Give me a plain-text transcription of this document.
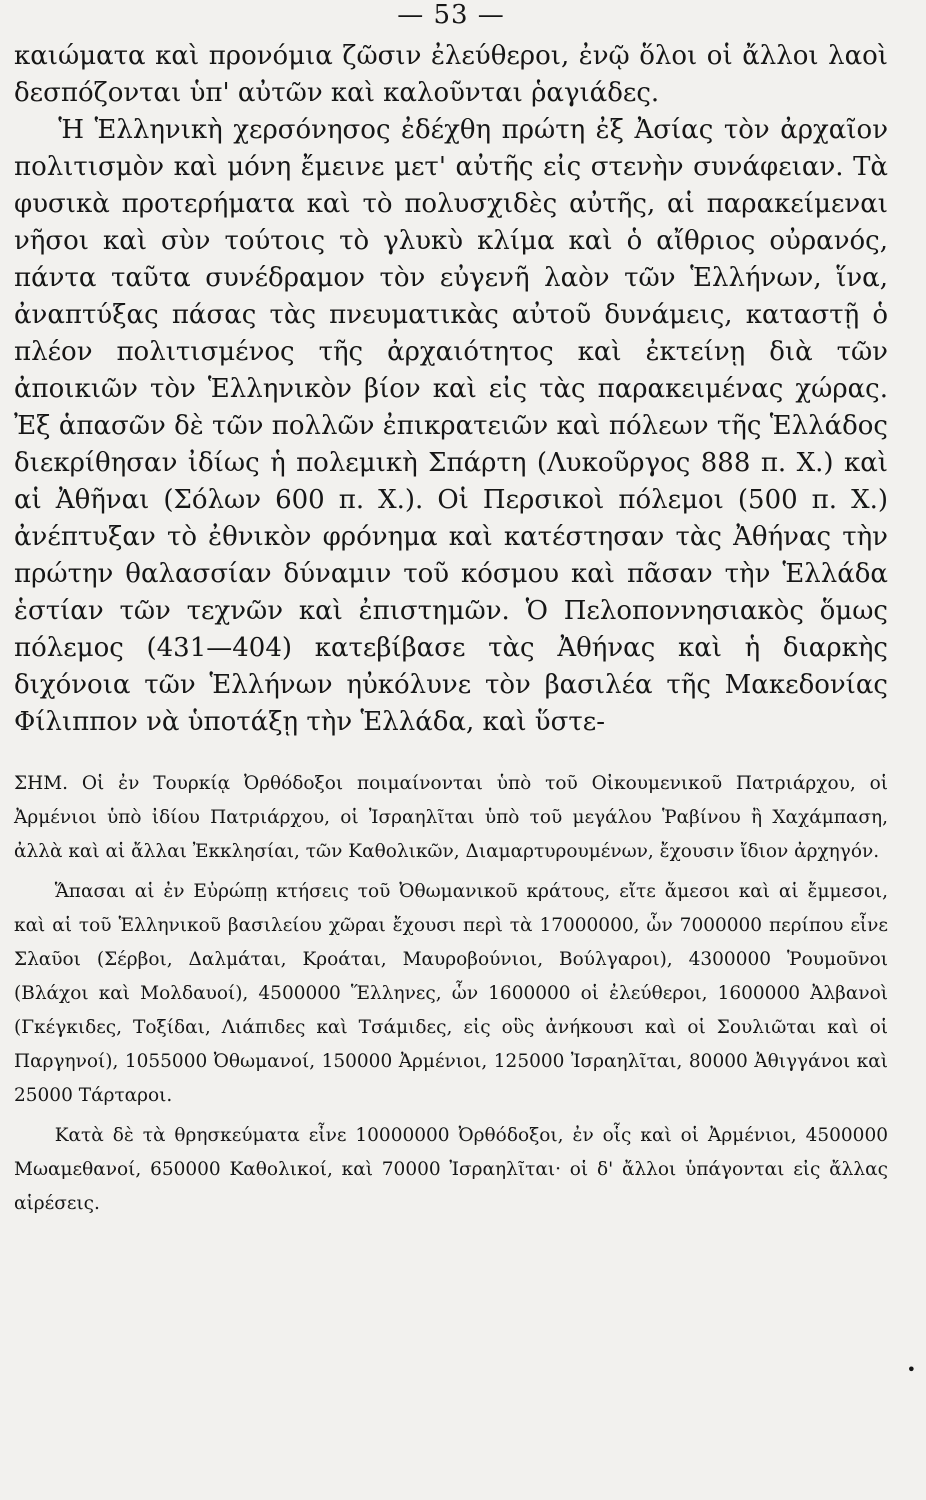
— 53 —

καιώματα καὶ προνόμια ζῶσιν ἐλεύθεροι, ἐνῷ ὅλοι οἱ ἄλλοι λαοὶ δεσπόζονται ὑπ' αὐτῶν καὶ καλοῦνται ῥαγιάδες.

Ἡ Ἑλληνικὴ χερσόνησος ἐδέχθη πρώτη ἐξ Ἀσίας τὸν ἀρχαῖον πολιτισμὸν καὶ μόνη ἔμεινε μετ' αὐτῆς εἰς στενὴν συνάφειαν. Τὰ φυσικὰ προτερήματα καὶ τὸ πολυσχιδὲς αὐτῆς, αἱ παρακείμεναι νῆσοι καὶ σὺν τούτοις τὸ γλυκὺ κλίμα καὶ ὁ αἴθριος οὐρανός, πάντα ταῦτα συνέδραμον τὸν εὐγενῆ λαὸν τῶν Ἑλλήνων, ἵνα, ἀναπτύξας πάσας τὰς πνευματικὰς αὐτοῦ δυνάμεις, καταστῇ ὁ πλέον πολιτισμένος τῆς ἀρχαιότητος καὶ ἐκτείνῃ διὰ τῶν ἀποικιῶν τὸν Ἑλληνικὸν βίον καὶ εἰς τὰς παρακειμένας χώρας. Ἐξ ἁπασῶν δὲ τῶν πολλῶν ἐπικρατειῶν καὶ πόλεων τῆς Ἑλλάδος διεκρίθησαν ἰδίως ἡ πολεμικὴ Σπάρτη (Λυκοῦργος 888 π. Χ.) καὶ αἱ Ἀθῆναι (Σόλων 600 π. Χ.). Οἱ Περσικοὶ πόλεμοι (500 π. Χ.) ἀνέπτυξαν τὸ ἐθνικὸν φρόνημα καὶ κατέστησαν τὰς Ἀθήνας τὴν πρώτην θαλασσίαν δύναμιν τοῦ κόσμου καὶ πᾶσαν τὴν Ἑλλάδα ἑστίαν τῶν τεχνῶν καὶ ἐπιστημῶν. Ὁ Πελοποννησιακὸς ὅμως πόλεμος (431—404) κατεβίβασε τὰς Ἀθήνας καὶ ἡ διαρκὴς διχόνοια τῶν Ἑλλήνων ηὐκόλυνε τὸν βασιλέα τῆς Μακεδονίας Φίλιππον νὰ ὑποτάξῃ τὴν Ἑλλάδα, καὶ ὕστε-

ΣΗΜ. Οἱ ἐν Τουρκίᾳ Ὀρθόδοξοι ποιμαίνονται ὑπὸ τοῦ Οἰκουμενικοῦ Πατριάρχου, οἱ Ἀρμένιοι ὑπὸ ἰδίου Πατριάρχου, οἱ Ἰσραηλῖται ὑπὸ τοῦ μεγάλου Ῥαβίνου ἢ Χαχάμπαση, ἀλλὰ καὶ αἱ ἄλλαι Ἐκκλησίαι, τῶν Καθολικῶν, Διαμαρτυρουμένων, ἔχουσιν ἴδιον ἀρχηγόν.

Ἅπασαι αἱ ἐν Εὐρώπῃ κτήσεις τοῦ Ὀθωμανικοῦ κράτους, εἴτε ἄμεσοι καὶ αἱ ἔμμεσοι, καὶ αἱ τοῦ Ἑλληνικοῦ βασιλείου χῶραι ἔχουσι περὶ τὰ 17000000, ὧν 7000000 περίπου εἶνε Σλαῦοι (Σέρβοι, Δαλμάται, Κροάται, Μαυροβούνιοι, Βούλγαροι), 4300000 Ῥουμοῦνοι (Βλάχοι καὶ Μολδαυοί), 4500000 Ἕλληνες, ὧν 1600000 οἱ ἐλεύθεροι, 1600000 Ἀλβανοὶ (Γκέγκιδες, Τοξίδαι, Λιάπιδες καὶ Τσάμιδες, εἰς οὓς ἀνήκουσι καὶ οἱ Σουλιῶται καὶ οἱ Παργηνοί), 1055000 Ὀθωμανοί, 150000 Ἀρμένιοι, 125000 Ἰσραηλῖται, 80000 Ἀθιγγάνοι καὶ 25000 Τάρταροι.

Κατὰ δὲ τὰ θρησκεύματα εἶνε 10000000 Ὀρθόδοξοι, ἐν οἷς καὶ οἱ Ἀρμένιοι, 4500000 Μωαμεθανοί, 650000 Καθολικοί, καὶ 70000 Ἰσραηλῖται· οἱ δ' ἄλλοι ὑπάγονται εἰς ἄλλας αἱρέσεις.

•
